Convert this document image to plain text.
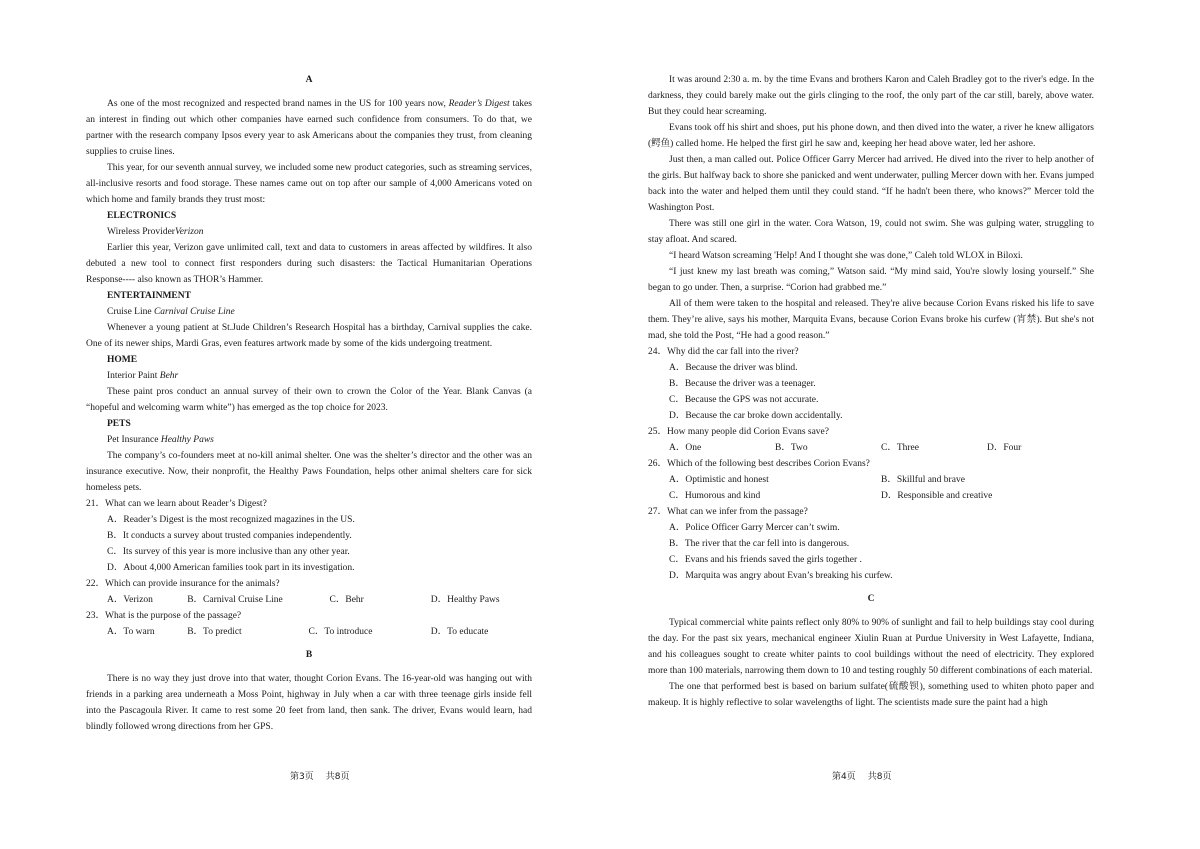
A

As one of the most recognized and respected brand names in the US for 100 years now, Reader’s Digest takes an interest in finding out which other companies have earned such confidence from consumers. To do that, we partner with the research company Ipsos every year to ask Americans about the companies they trust, from cleaning supplies to cruise lines.

This year, for our seventh annual survey, we included some new product categories, such as streaming services, all-inclusive resorts and food storage. These names came out on top after our sample of 4,000 Americans voted on which home and family brands they trust most:

ELECTRONICS

Wireless ProviderVerizon

Earlier this year, Verizon gave unlimited call, text and data to customers in areas affected by wildfires. It also debuted a new tool to connect first responders during such disasters: the Tactical Humanitarian Operations Response---- also known as THOR’s Hammer.

ENTERTAINMENT

Cruise Line Carnival Cruise Line

Whenever a young patient at St.Jude Children’s Research Hospital has a birthday, Carnival supplies the cake. One of its newer ships, Mardi Gras, even features artwork made by some of the kids undergoing treatment.

HOME

Interior Paint Behr

These paint pros conduct an annual survey of their own to crown the Color of the Year. Blank Canvas (a “hopeful and welcoming warm white”) has emerged as the top choice for 2023.

PETS

Pet Insurance Healthy Paws

The company’s co-founders meet at no-kill animal shelter. One was the shelter’s director and the other was an insurance executive. Now, their nonprofit, the Healthy Paws Foundation, helps other animal shelters care for sick homeless pets.

21．What can we learn about Reader’s Digest?

A．Reader’s Digest is the most recognized magazines in the US.

B．It conducts a survey about trusted companies independently.

C．Its survey of this year is more inclusive than any other year.

D．About 4,000 American families took part in its investigation.

22．Which can provide insurance for the animals?

A．Verizon	B．Carnival Cruise Line	C．Behr	D．Healthy Paws

23．What is the purpose of the passage?

A．To warn	B．To predict	C．To introduce	D．To educate

B

There is no way they just drove into that water, thought Corion Evans. The 16-year-old was hanging out with friends in a parking area underneath a Moss Point, highway in July when a car with three teenage girls inside fell into the Pascagoula River. It came to rest some 20 feet from land, then sank. The driver, Evans would learn, had blindly followed wrong directions from her GPS.

It was around 2:30 a. m. by the time Evans and brothers Karon and Caleh Bradley got to the river's edge. In the darkness, they could barely make out the girls clinging to the roof, the only part of the car still, barely, above water. But they could hear screaming.

Evans took off his shirt and shoes, put his phone down, and then dived into the water, a river he knew alligators (鳄鱼) called home. He helped the first girl he saw and, keeping her head above water, led her ashore.

Just then, a man called out. Police Officer Garry Mercer had arrived. He dived into the river to help another of the girls. But halfway back to shore she panicked and went underwater, pulling Mercer down with her. Evans jumped back into the water and helped them until they could stand. “If he hadn't been there, who knows?” Mercer told the Washington Post.

There was still one girl in the water. Cora Watson, 19, could not swim. She was gulping water, struggling to stay afloat. And scared.

“I heard Watson screaming 'Help! And I thought she was done,” Caleh told WLOX in Biloxi.

“I just knew my last breath was coming,” Watson said. “My mind said, You're slowly losing yourself.” She began to go under. Then, a surprise. “Corion had grabbed me.”

All of them were taken to the hospital and released. They're alive because Corion Evans risked his life to save them. They’re alive, says his mother, Marquita Evans, because Corion Evans broke his curfew (宵禁). But she's not mad, she told the Post, “He had a good reason.”

24．Why did the car fall into the river?

A．Because the driver was blind.

B．Because the driver was a teenager.

C．Because the GPS was not accurate.

D．Because the car broke down accidentally.

25．How many people did Corion Evans save?

A．One	B．Two	C．Three	D．Four

26．Which of the following best describes Corion Evans?

A．Optimistic and honest	B．Skillful and brave
C．Humorous and kind	D．Responsible and creative

27．What can we infer from the passage?

A．Police Officer Garry Mercer can’t swim.

B．The river that the car fell into is dangerous.

C．Evans and his friends saved the girls together .

D．Marquita was angry about Evan’s breaking his curfew.

C

Typical commercial white paints reflect only 80% to 90% of sunlight and fail to help buildings stay cool during the day. For the past six years, mechanical engineer Xiulin Ruan at Purdue University in West Lafayette, Indiana, and his colleagues sought to create whiter paints to cool buildings without the need of electricity. They explored more than 100 materials, narrowing them down to 10 and testing roughly 50 different combinations of each material.

The one that performed best is based on barium sulfate(硫酸钡), something used to whiten photo paper and makeup. It is highly reflective to solar wavelengths of light. The scientists made sure the paint had a high

第3页 共8页	第4页 共8页
